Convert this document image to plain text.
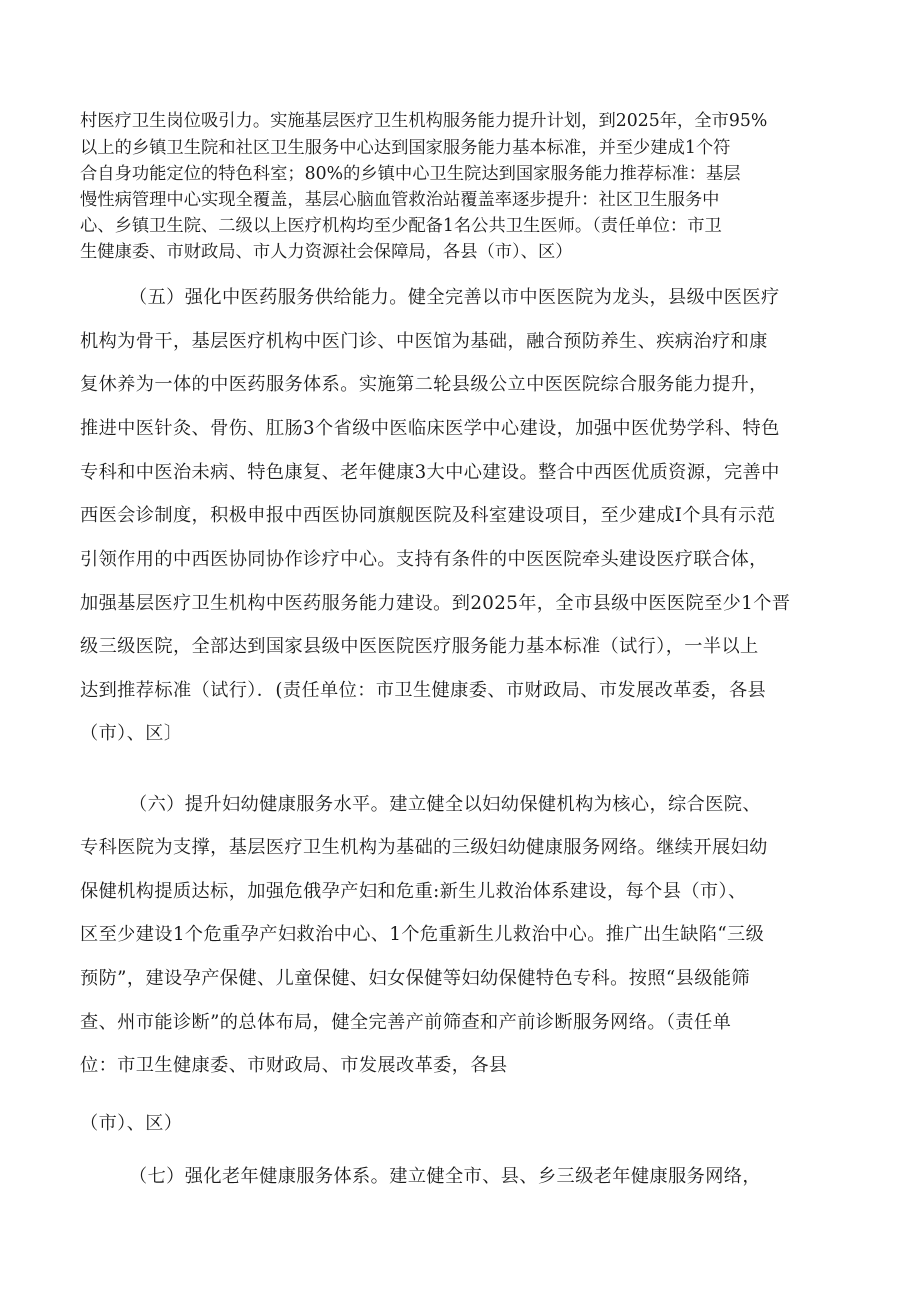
村医疗卫生岗位吸引力。实施基层医疗卫生机构服务能力提升计划，到2025年，全市95%
以上的乡镇卫生院和社区卫生服务中心达到国家服务能力基本标准，并至少建成1个符
合自身功能定位的特色科室；80%的乡镇中心卫生院达到国家服务能力推荐标准：基层
慢性病管理中心实现全覆盖，基层心脑血管救治站覆盖率逐步提升：社区卫生服务中
心、乡镇卫生院、二级以上医疗机构均至少配备1名公共卫生医师。（责任单位：市卫
生健康委、市财政局、市人力资源社会保障局，各县（市）、区）
（五）强化中医药服务供给能力。健全完善以市中医医院为龙头，县级中医医疗
机构为骨干，基层医疗机构中医门诊、中医馆为基础，融合预防养生、疾病治疗和康
复休养为一体的中医药服务体系。实施第二轮县级公立中医医院综合服务能力提升，
推进中医针灸、骨伤、肛肠3个省级中医临床医学中心建设，加强中医优势学科、特色
专科和中医治未病、特色康复、老年健康3大中心建设。整合中西医优质资源，完善中
西医会诊制度，积极申报中西医协同旗舰医院及科室建设项目，至少建成I个具有示范
引领作用的中西医协同协作诊疗中心。支持有条件的中医医院牵头建设医疗联合体，
加强基层医疗卫生机构中医药服务能力建设。到2025年，全市县级中医医院至少1个晋
级三级医院，全部达到国家县级中医医院医疗服务能力基本标准（试行），一半以上
达到推荐标准（试行）．(责任单位：市卫生健康委、市财政局、市发展改革委，各县
（市）、区〕
（六）提升妇幼健康服务水平。建立健全以妇幼保健机构为核心，综合医院、
专科医院为支撑，基层医疗卫生机构为基础的三级妇幼健康服务网络。继续开展妇幼
保健机构提质达标，加强危俄孕产妇和危重:新生儿救治体系建设，每个县（市）、
区至少建设1个危重孕产妇救治中心、1个危重新生儿救治中心。推广出生缺陷“三级
预防”，建设孕产保健、儿童保健、妇女保健等妇幼保健特色专科。按照“县级能筛
查、州市能诊断”的总体布局，健全完善产前筛查和产前诊断服务网络。（责任单
位：市卫生健康委、市财政局、市发展改革委，各县
（市）、区）
（七）强化老年健康服务体系。建立健全市、县、乡三级老年健康服务网络，
